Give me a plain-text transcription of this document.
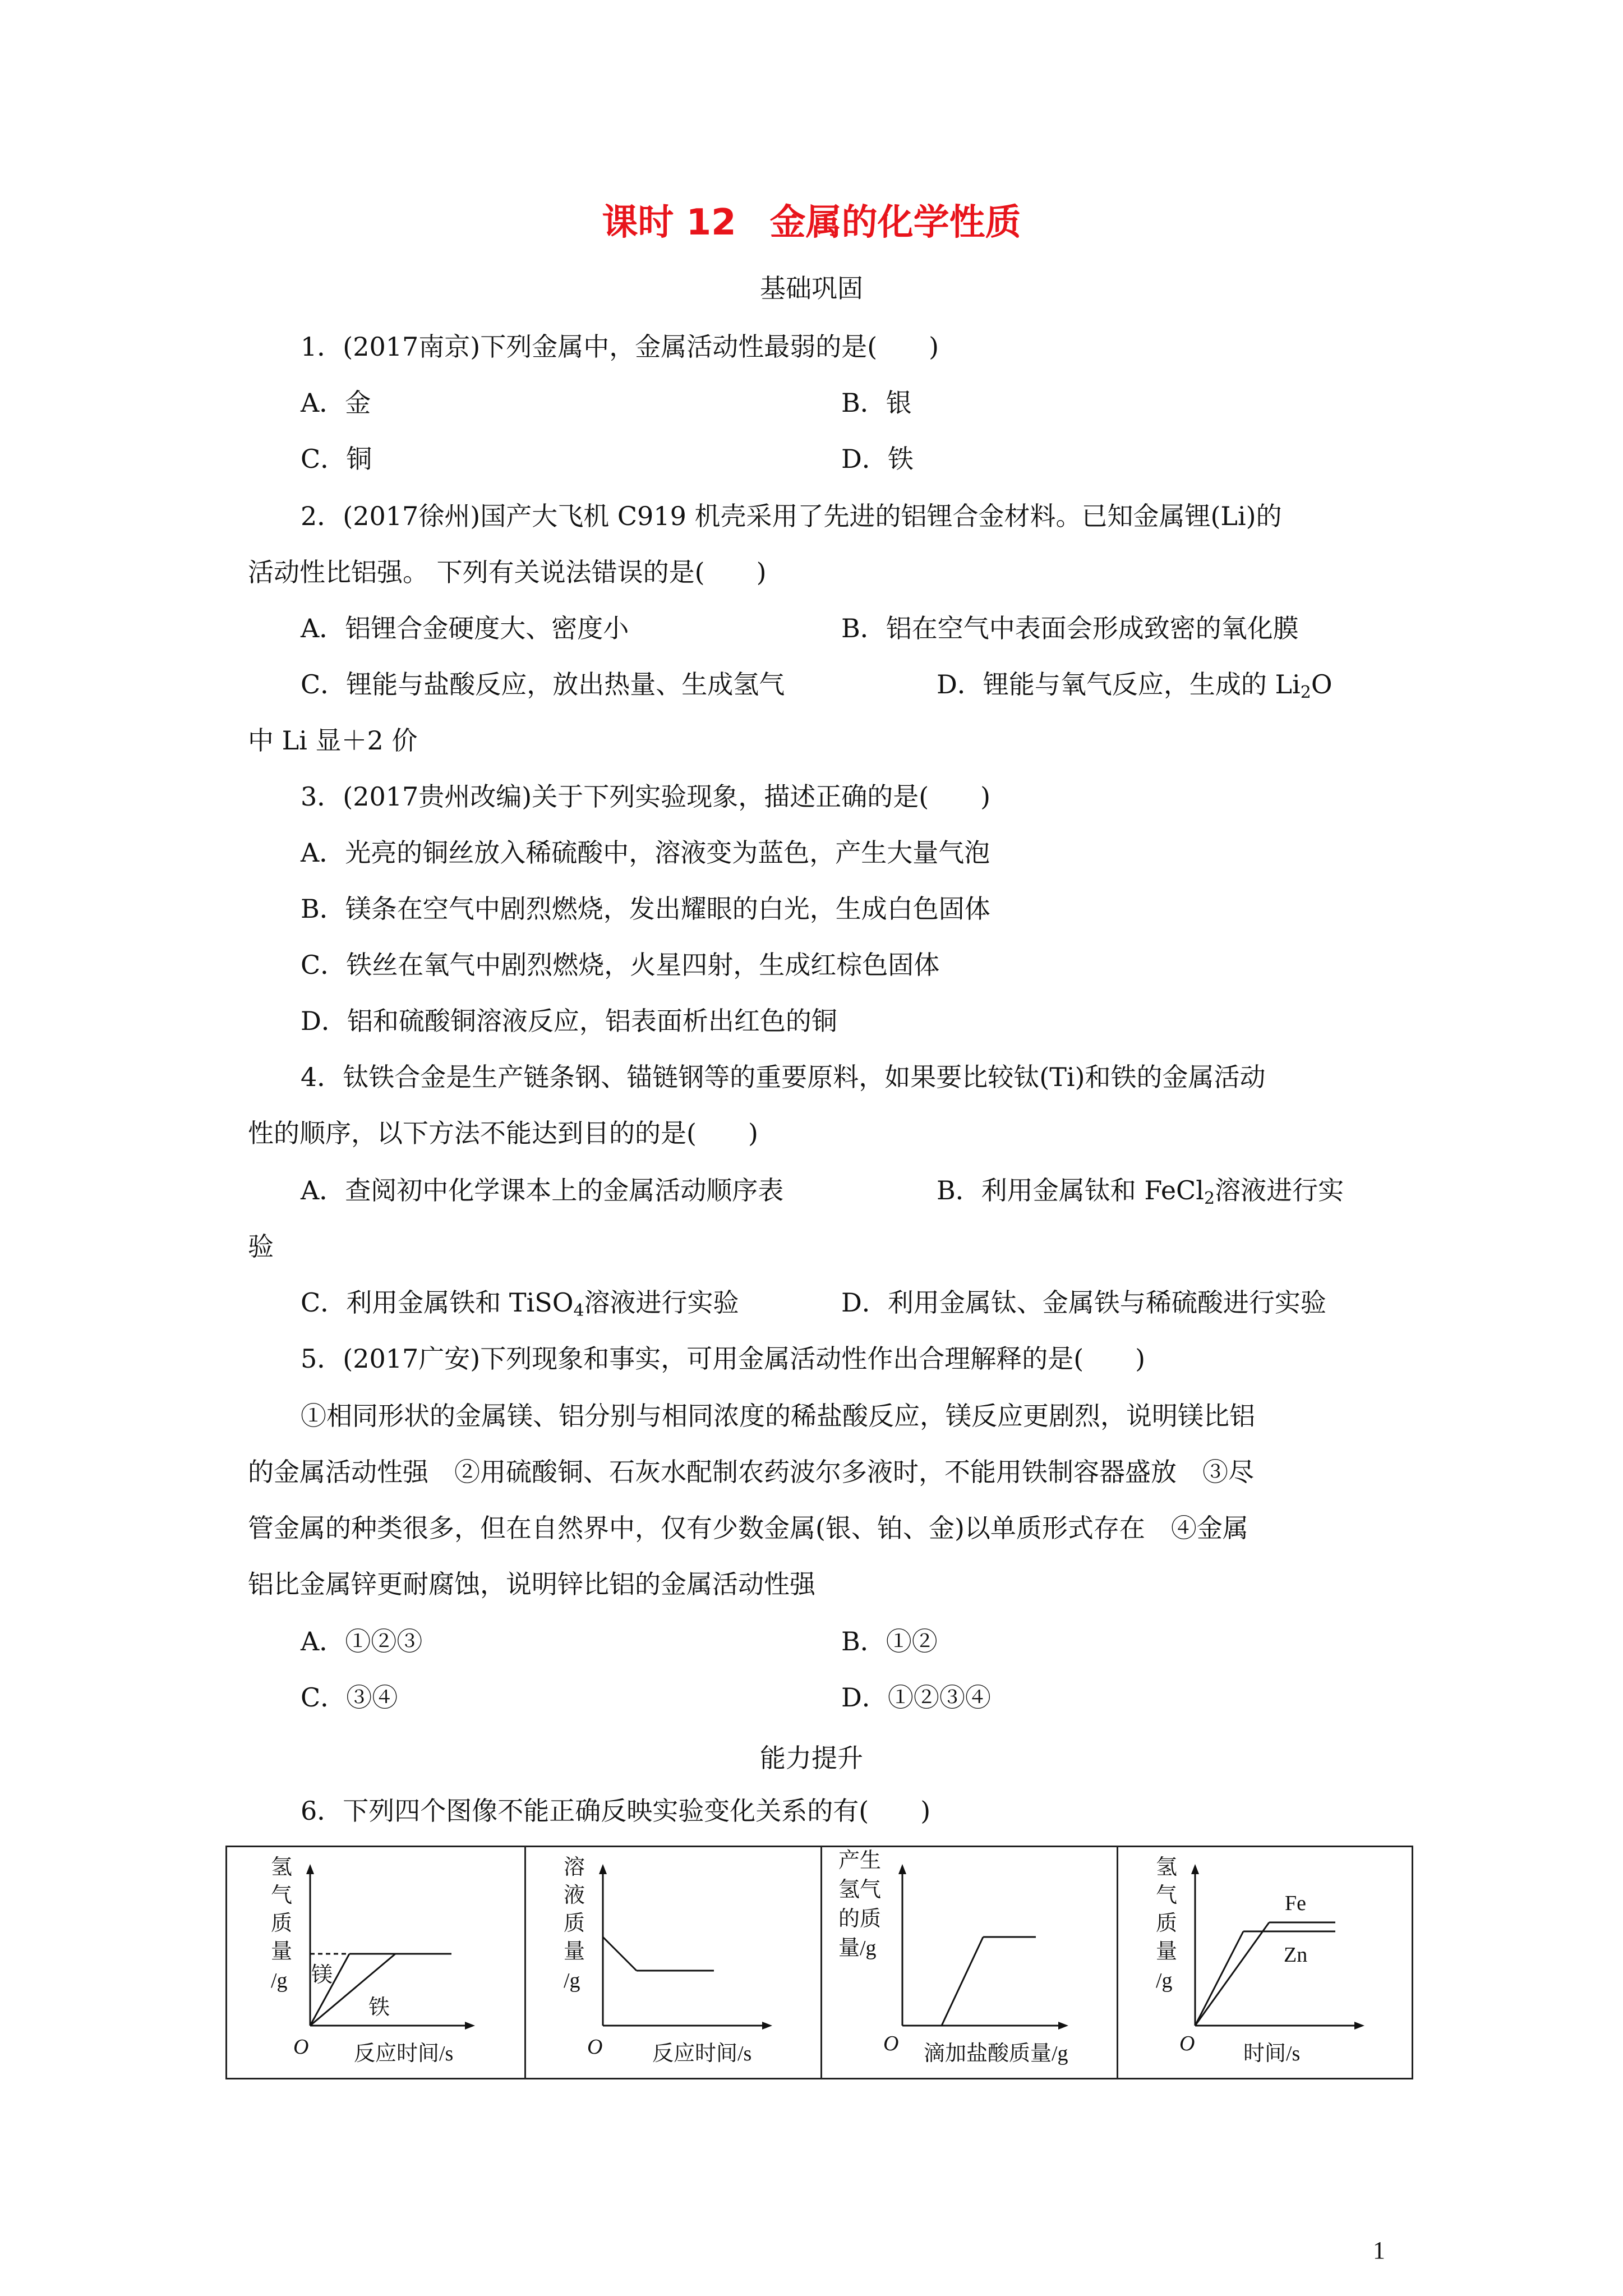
课时 12 金属的化学性质
基础巩固
1．(2017南京)下列金属中，金属活动性最弱的是(　　)
A．金	B．银
C．铜	D．铁
2．(2017徐州)国产大飞机 C919 机壳采用了先进的铝锂合金材料。已知金属锂(Li)的
活动性比铝强。 下列有关说法错误的是(　　)
A．铝锂合金硬度大、密度小	B．铝在空气中表面会形成致密的氧化膜
C．锂能与盐酸反应，放出热量、生成氢气	D．锂能与氧气反应，生成的 $Li_2O$
中 Li 显＋2 价
3．(2017贵州改编)关于下列实验现象，描述正确的是(　　)
A．光亮的铜丝放入稀硫酸中，溶液变为蓝色，产生大量气泡
B．镁条在空气中剧烈燃烧，发出耀眼的白光，生成白色固体
C．铁丝在氧气中剧烈燃烧，火星四射，生成红棕色固体
D．铝和硫酸铜溶液反应，铝表面析出红色的铜
4．钛铁合金是生产链条钢、锚链钢等的重要原料，如果要比较钛(Ti)和铁的金属活动
性的顺序，以下方法不能达到目的的是(　　)
A．查阅初中化学课本上的金属活动顺序表	B．利用金属钛和 FeCl$_2$溶液进行实
验
C．利用金属铁和 TiSO$_4$溶液进行实验	D．利用金属钛、金属铁与稀硫酸进行实验
5．(2017广安)下列现象和事实，可用金属活动性作出合理解释的是(　　)
①相同形状的金属镁、铝分别与相同浓度的稀盐酸反应，镁反应更剧烈，说明镁比铝
的金属活动性强　②用硫酸铜、石灰水配制农药波尔多液时，不能用铁制容器盛放　③尽
管金属的种类很多，但在自然界中，仅有少数金属(银、铂、金)以单质形式存在　④金属
铝比金属锌更耐腐蚀，说明锌比铝的金属活动性强
A．①②③	B．①②
C．③④	D．①②③④
能力提升
6．下列四个图像不能正确反映实验变化关系的有(　　)
氢
气
质
量
/g 镁
铁
O 反应时间/s
溶
液
质
量
/g
O 反应时间/s
产生
氢气
的质
量/g
O 滴加盐酸质量/g
氢
气
质
量
/g
Fe
Zn
O 时间/s
1
